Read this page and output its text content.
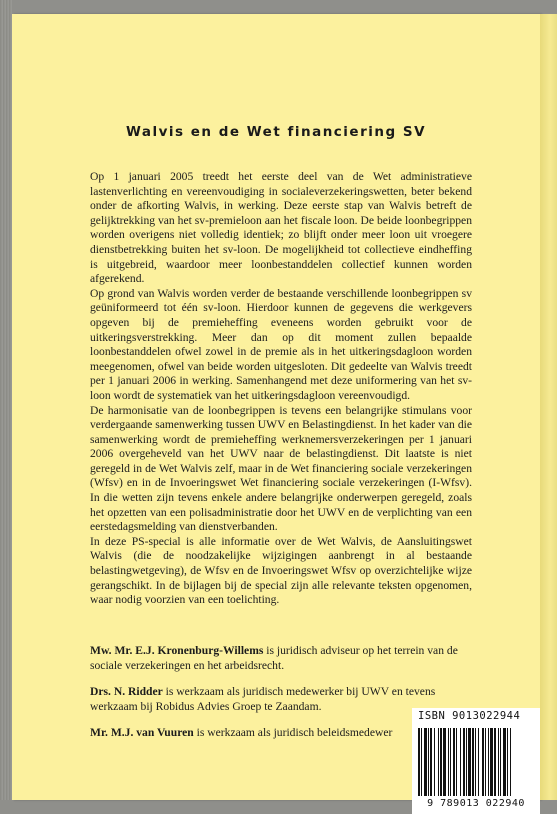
Walvis en de Wet financiering SV

Op 1 januari 2005 treedt het eerste deel van de Wet administratieve lastenverlichting en vereenvoudiging in socialeverzekeringswetten, beter bekend onder de afkorting Walvis, in werking. Deze eerste stap van Walvis betreft de gelijktrekking van het sv-premieloon aan het fiscale loon. De beide loonbegrippen worden overigens niet volledig identiek; zo blijft onder meer loon uit vroegere dienstbetrekking buiten het sv-loon. De mogelijkheid tot collectieve eindheffing is uitgebreid, waardoor meer loonbestanddelen collectief kunnen worden afgerekend.

Op grond van Walvis worden verder de bestaande verschillende loonbegrippen sv geüniformeerd tot één sv-loon. Hierdoor kunnen de gegevens die werkgevers opgeven bij de premieheffing eveneens worden gebruikt voor de uitkeringsverstrekking. Meer dan op dit moment zullen bepaalde loonbestanddelen ofwel zowel in de premie als in het uitkeringsdagloon worden meegenomen, ofwel van beide worden uitgesloten. Dit gedeelte van Walvis treedt per 1 januari 2006 in werking. Samenhangend met deze uniformering van het sv-loon wordt de systematiek van het uitkeringsdagloon vereenvoudigd.

De harmonisatie van de loonbegrippen is tevens een belangrijke stimulans voor verdergaande samenwerking tussen UWV en Belastingdienst. In het kader van die samenwerking wordt de premieheffing werknemersverzekeringen per 1 januari 2006 overgeheveld van het UWV naar de belastingdienst. Dit laatste is niet geregeld in de Wet Walvis zelf, maar in de Wet financiering sociale verzekeringen (Wfsv) en in de Invoeringswet Wet financiering sociale verzekeringen (I-Wfsv). In die wetten zijn tevens enkele andere belangrijke onderwerpen geregeld, zoals het opzetten van een polisadministratie door het UWV en de verplichting van een eerstedagsmelding van dienstverbanden.

In deze PS-special is alle informatie over de Wet Walvis, de Aansluitingswet Walvis (die de noodzakelijke wijzigingen aanbrengt in al bestaande belastingwetgeving), de Wfsv en de Invoeringswet Wfsv op overzichtelijke wijze gerangschikt. In de bijlagen bij de special zijn alle relevante teksten opgenomen, waar nodig voorzien van een toelichting.

Mw. Mr. E.J. Kronenburg-Willems is juridisch adviseur op het terrein van de sociale verzekeringen en het arbeidsrecht.

Drs. N. Ridder is werkzaam als juridisch medewerker bij UWV en tevens werkzaam bij Robidus Advies Groep te Zaandam.

Mr. M.J. van Vuuren is werkzaam als juridisch beleidsmedewer

ISBN 9013022944
9 789013 022940
